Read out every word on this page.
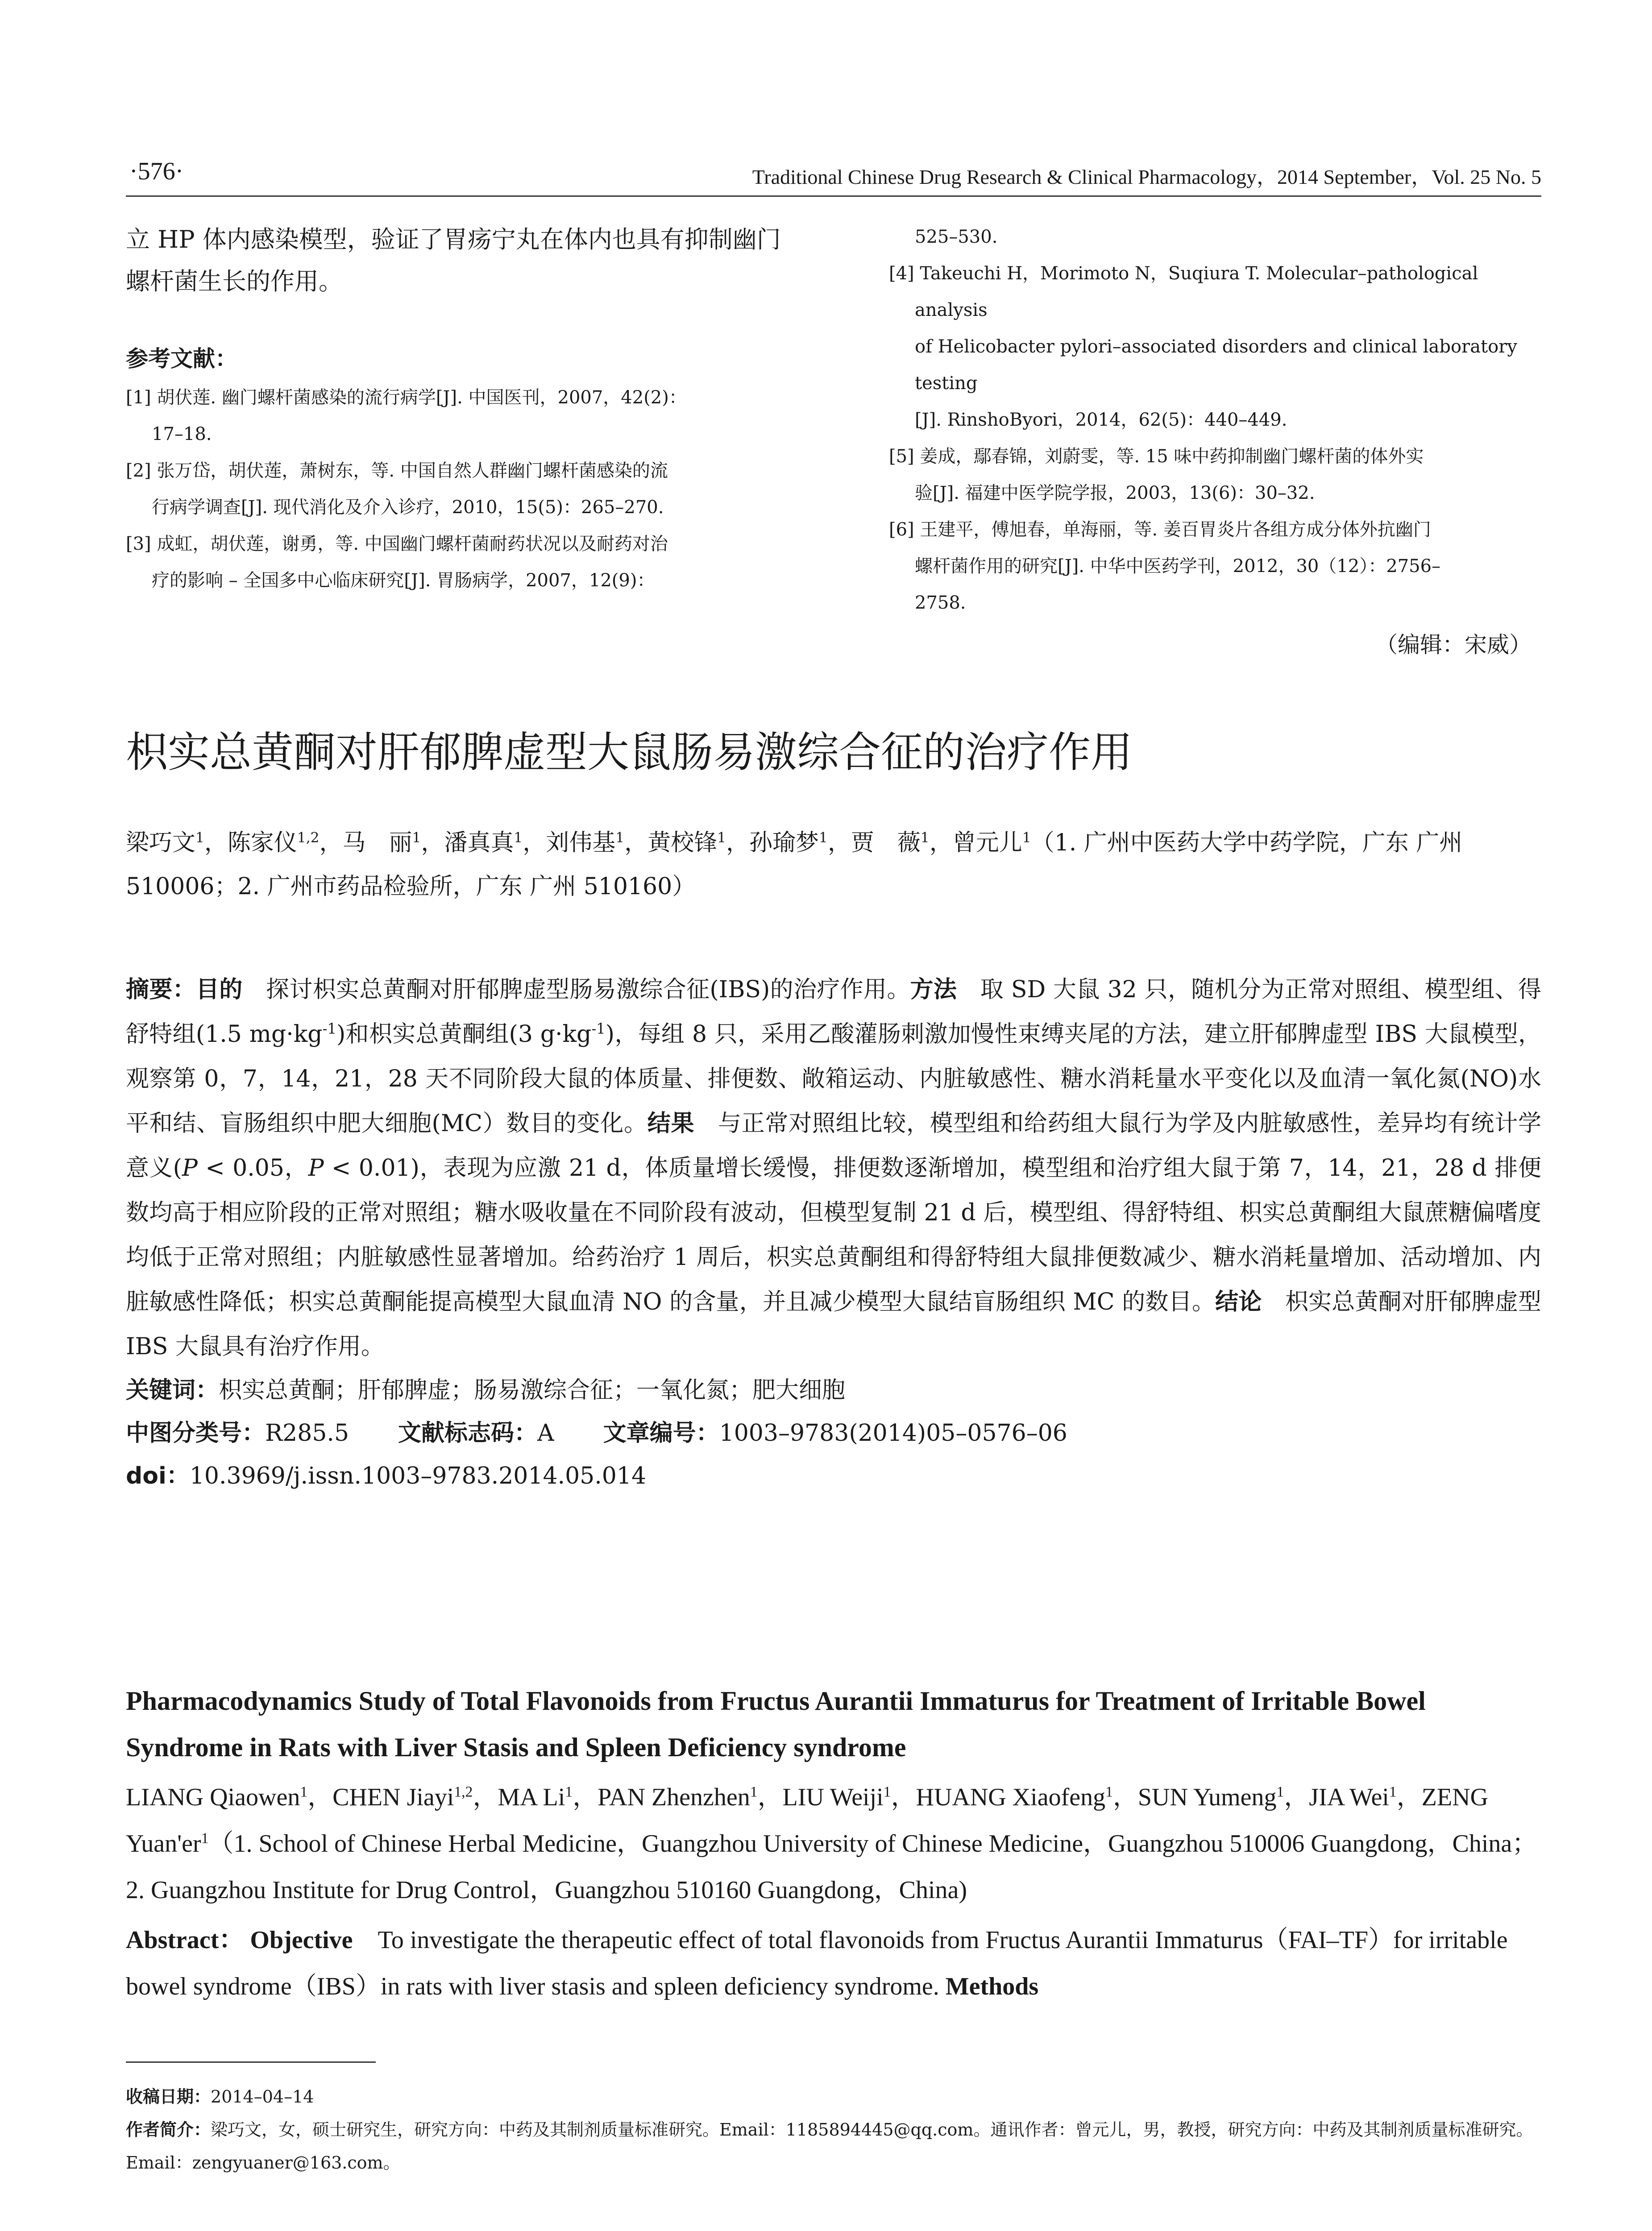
·576·	Traditional Chinese Drug Research & Clinical Pharmacology，2014 September，Vol. 25 No. 5

立 HP 体内感染模型，验证了胃疡宁丸在体内也具有抑制幽门螺杆菌生长的作用。

参考文献：

[1] 胡伏莲. 幽门螺杆菌感染的流行病学[J]. 中国医刊，2007，42(2)：

17–18.

[2] 张万岱，胡伏莲，萧树东，等. 中国自然人群幽门螺杆菌感染的流

行病学调查[J]. 现代消化及介入诊疗，2010，15(5)：265–270.

[3] 成虹，胡伏莲，谢勇，等. 中国幽门螺杆菌耐药状况以及耐药对治

疗的影响 – 全国多中心临床研究[J]. 胃肠病学，2007，12(9)：

525–530.

[4] Takeuchi H，Morimoto N，Suqiura T. Molecular–pathological analysis

of Helicobacter pylori–associated disorders and clinical laboratory testing

[J]. RinshoByori，2014，62(5)：440–449.

[5] 姜成，鄢春锦，刘蔚雯，等. 15 味中药抑制幽门螺杆菌的体外实

验[J]. 福建中医学院学报，2003，13(6)：30–32.

[6] 王建平，傅旭春，单海丽，等. 姜百胃炎片各组方成分体外抗幽门

螺杆菌作用的研究[J]. 中华中医药学刊，2012，30（12）：2756–

2758.

（编辑：宋威）

枳实总黄酮对肝郁脾虚型大鼠肠易激综合征的治疗作用

梁巧文$^1$，陈家仪$^{1,2}$，马　丽$^1$，潘真真$^1$，刘伟基$^1$，黄校锋$^1$，孙瑜梦$^1$，贾　薇$^1$，曾元儿$^1$（1. 广州中医药大学中药学院，广东 广州 510006；2. 广州市药品检验所，广东 广州 510160）

摘要：目的　 探讨枳实总黄酮对肝郁脾虚型肠易激综合征(IBS)的治疗作用。方法　 取 SD 大鼠 32 只，随机分为正常对照组、模型组、得舒特组(1.5 $mg\cdot kg^{-1}$)和枳实总黄酮组(3 $g\cdot kg^{-1}$)，每组 8 只，采用乙酸灌肠刺激加慢性束缚夹尾的方法，建立肝郁脾虚型 IBS 大鼠模型，观察第 0，7，14，21，28 天不同阶段大鼠的体质量、排便数、敞箱运动、内脏敏感性、糖水消耗量水平变化以及血清一氧化氮(NO)水平和结、盲肠组织中肥大细胞(MC）数目的变化。结果　 与正常对照组比较，模型组和给药组大鼠行为学及内脏敏感性，差异均有统计学意义(P < 0.05，P < 0.01)，表现为应激 21 d，体质量增长缓慢，排便数逐渐增加，模型组和治疗组大鼠于第 7，14，21，28 d 排便数均高于相应阶段的正常对照组；糖水吸收量在不同阶段有波动，但模型复制 21 d 后，模型组、得舒特组、枳实总黄酮组大鼠蔗糖偏嗜度均低于正常对照组；内脏敏感性显著增加。给药治疗 1 周后，枳实总黄酮组和得舒特组大鼠排便数减少、糖水消耗量增加、活动增加、内脏敏感性降低；枳实总黄酮能提高模型大鼠血清 NO 的含量，并且减少模型大鼠结盲肠组织 MC 的数目。结论　 枳实总黄酮对肝郁脾虚型 IBS 大鼠具有治疗作用。

关键词：枳实总黄酮；肝郁脾虚；肠易激综合征；一氧化氮；肥大细胞

中图分类号：R285.5 文献标志码：A 文章编号：1003–9783(2014)05–0576–06

doi：10.3969/j.issn.1003–9783.2014.05.014

Pharmacodynamics Study of Total Flavonoids from Fructus Aurantii Immaturus for Treatment of Irritable Bowel Syndrome in Rats with Liver Stasis and Spleen Deficiency syndrome

LIANG Qiaowen$^1$，CHEN Jiayi$^{1,2}$，MA Li$^1$，PAN Zhenzhen$^1$，LIU Weiji$^1$，HUANG Xiaofeng$^1$，SUN Yumeng$^1$，JIA Wei$^1$，ZENG $Yuan'er^1(1$. School of Chinese Herbal Medicine，Guangzhou University of Chinese Medicine，Guangzhou 510006 Guangdong，China；2. Guangzhou Institute for Drug Control，Guangzhou 510160 Guangdong，China)

Abstract： Objective　 To investigate the therapeutic effect of total flavonoids from Fructus Aurantii Immaturus（FAI–TF）for irritable bowel syndrome（IBS）in rats with liver stasis and spleen deficiency syndrome. Methods

收稿日期：2014–04–14

作者简介：梁巧文，女，硕士研究生，研究方向：中药及其制剂质量标准研究。Email：1185894445@qq.com。通讯作者：曾元儿，男，教授，研究方向：中药及其制剂质量标准研究。Email：zengyuaner@163.com。
